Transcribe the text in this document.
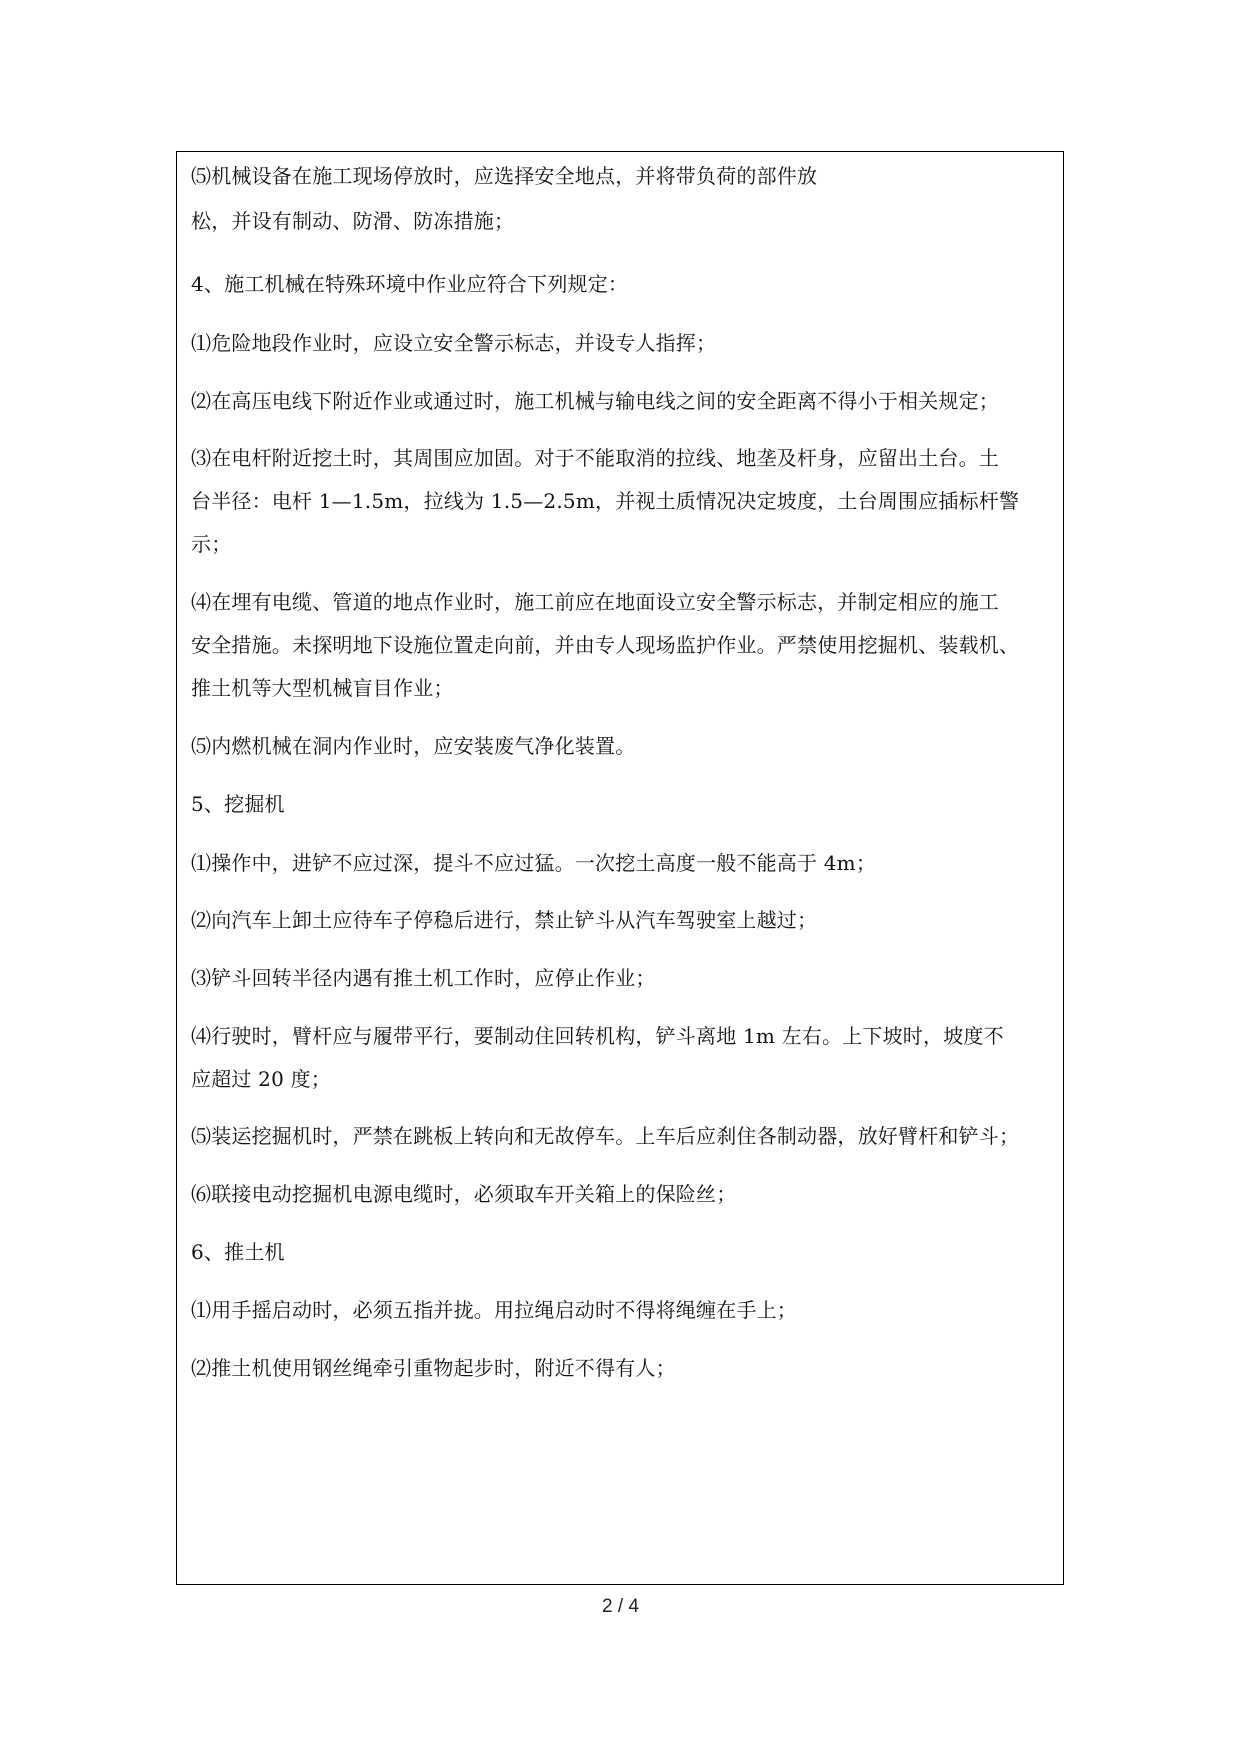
⑸机械设备在施工现场停放时，应选择安全地点，并将带负荷的部件放
松，并设有制动、防滑、防冻措施；
4、施工机械在特殊环境中作业应符合下列规定：
⑴危险地段作业时，应设立安全警示标志，并设专人指挥；
⑵在高压电线下附近作业或通过时，施工机械与输电线之间的安全距离不得小于相关规定；
⑶在电杆附近挖土时，其周围应加固。对于不能取消的拉线、地垄及杆身，应留出土台。土
台半径：电杆 1—1.5m，拉线为 1.5—2.5m，并视土质情况决定坡度，土台周围应插标杆警
示；
⑷在埋有电缆、管道的地点作业时，施工前应在地面设立安全警示标志，并制定相应的施工
安全措施。未探明地下设施位置走向前，并由专人现场监护作业。严禁使用挖掘机、装载机、
推土机等大型机械盲目作业；
⑸内燃机械在洞内作业时，应安装废气净化装置。
5、挖掘机
⑴操作中，进铲不应过深，提斗不应过猛。一次挖土高度一般不能高于 4m；
⑵向汽车上卸土应待车子停稳后进行，禁止铲斗从汽车驾驶室上越过；
⑶铲斗回转半径内遇有推土机工作时，应停止作业；
⑷行驶时，臂杆应与履带平行，要制动住回转机构，铲斗离地 1m 左右。上下坡时，坡度不
应超过 20 度；
⑸装运挖掘机时，严禁在跳板上转向和无故停车。上车后应刹住各制动器，放好臂杆和铲斗；
⑹联接电动挖掘机电源电缆时，必须取车开关箱上的保险丝；
6、推土机
⑴用手摇启动时，必须五指并拢。用拉绳启动时不得将绳缠在手上；
⑵推土机使用钢丝绳牵引重物起步时，附近不得有人；
2 / 4
